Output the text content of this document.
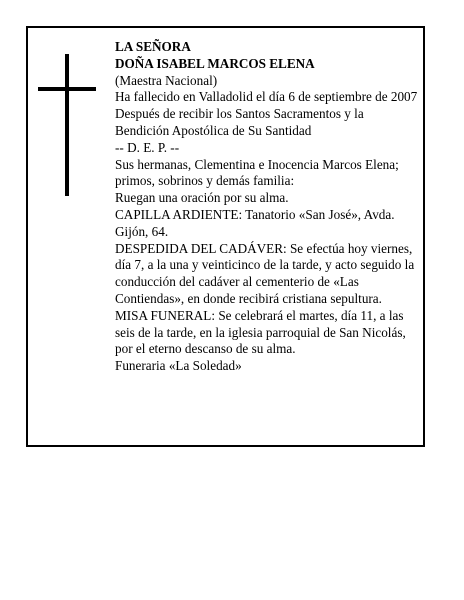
LA SEÑORA

DOÑA ISABEL MARCOS ELENA

(Maestra Nacional)

Ha fallecido en Valladolid el día 6 de septiembre de 2007

Después de recibir los Santos Sacramentos y la Bendición Apostólica de Su Santidad

-- D. E. P. --

Sus hermanas, Clementina e Inocencia Marcos Elena; primos, sobrinos y demás familia:

Ruegan una oración por su alma.

CAPILLA ARDIENTE: Tanatorio «San José», Avda. Gijón, 64.

DESPEDIDA DEL CADÁVER: Se efectúa hoy viernes, día 7, a la una y veinticinco de la tarde, y acto seguido la conducción del cadáver al cementerio de «Las Contiendas», en donde recibirá cristiana sepultura.

MISA FUNERAL: Se celebrará el martes, día 11, a las seis de la tarde, en la iglesia parroquial de San Nicolás, por el eterno descanso de su alma.

Funeraria «La Soledad»
